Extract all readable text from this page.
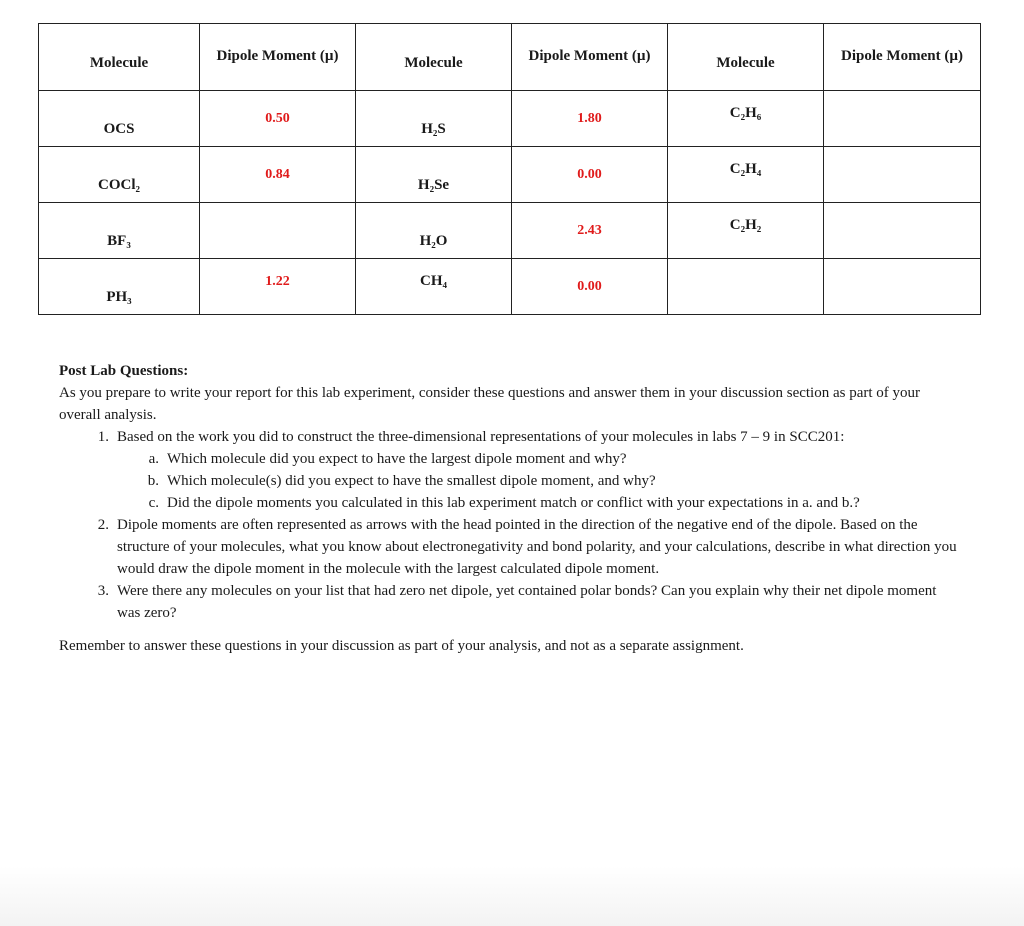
Molecule	Dipole Moment (µ)	Molecule	Dipole Moment (µ)	Molecule	Dipole Moment (µ)

OCS	0.50	H₂S	1.80	C₂H₆	

COCl₂	0.84	H₂Se	0.00	C₂H₄	

BF₃		H₂O	2.43	C₂H₂	

PH₃	1.22	CH₄	0.00		

Post Lab Questions:
As you prepare to write your report for this lab experiment, consider these questions and answer them in your discussion section as part of your overall analysis.
1. Based on the work you did to construct the three-dimensional representations of your molecules in labs 7 – 9 in SCC201:
a. Which molecule did you expect to have the largest dipole moment and why?
b. Which molecule(s) did you expect to have the smallest dipole moment, and why?
c. Did the dipole moments you calculated in this lab experiment match or conflict with your expectations in a. and b.?
2. Dipole moments are often represented as arrows with the head pointed in the direction of the negative end of the dipole. Based on the structure of your molecules, what you know about electronegativity and bond polarity, and your calculations, describe in what direction you would draw the dipole moment in the molecule with the largest calculated dipole moment.
3. Were there any molecules on your list that had zero net dipole, yet contained polar bonds? Can you explain why their net dipole moment was zero?
Remember to answer these questions in your discussion as part of your analysis, and not as a separate assignment.
